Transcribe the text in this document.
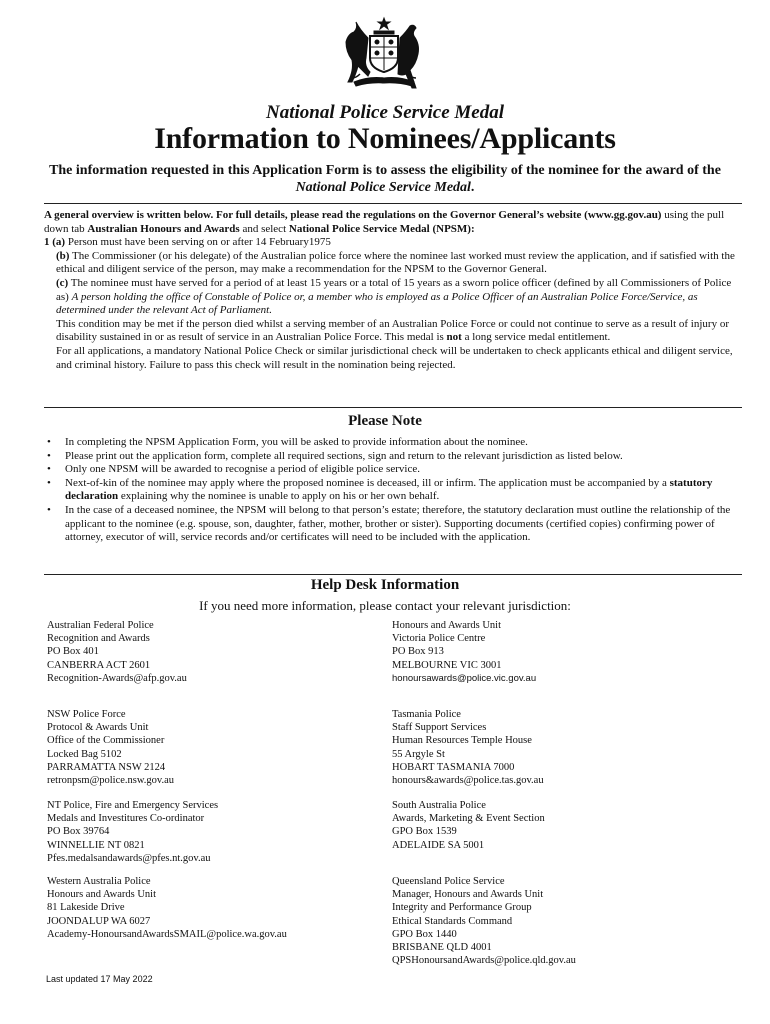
National Police Service Medal
Information to Nominees/Applicants
The information requested in this Application Form is to assess the eligibility of the nominee for the award of the National Police Service Medal.

A general overview is written below. For full details, please read the regulations on the Governor General’s website (www.gg.gov.au) using the pull down tab Australian Honours and Awards and select National Police Service Medal (NPSM):

1 (a) Person must have been serving on or after 14 February1975

(b) The Commissioner (or his delegate) of the Australian police force where the nominee last worked must review the application, and if satisfied with the ethical and diligent service of the person, may make a recommendation for the NPSM to the Governor General.

(c) The nominee must have served for a period of at least 15 years or a total of 15 years as a sworn police officer (defined by all Commissioners of Police as) A person holding the office of Constable of Police or, a member who is employed as a Police Officer of an Australian Police Force/Service, as determined under the relevant Act of Parliament.

This condition may be met if the person died whilst a serving member of an Australian Police Force or could not continue to serve as a result of injury or disability sustained in or as result of service in an Australian Police Force. This medal is not a long service medal entitlement.

For all applications, a mandatory National Police Check or similar jurisdictional check will be undertaken to check applicants ethical and diligent service, and criminal history. Failure to pass this check will result in the nomination being rejected.

Please Note
• In completing the NPSM Application Form, you will be asked to provide information about the nominee.
• Please print out the application form, complete all required sections, sign and return to the relevant jurisdiction as listed below.
• Only one NPSM will be awarded to recognise a period of eligible police service.
• Next-of-kin of the nominee may apply where the proposed nominee is deceased, ill or infirm. The application must be accompanied by a statutory declaration explaining why the nominee is unable to apply on his or her own behalf.
• In the case of a deceased nominee, the NPSM will belong to that person’s estate; therefore, the statutory declaration must outline the relationship of the applicant to the nominee (e.g. spouse, son, daughter, father, mother, brother or sister). Supporting documents (certified copies) confirming power of attorney, executor of will, service records and/or certificates will need to be included with the application.
Help Desk Information
If you need more information, please contact your relevant jurisdiction:
Australian Federal Police
Recognition and Awards
PO Box 401
CANBERRA ACT 2601
Recognition-Awards@afp.gov.au
Honours and Awards Unit
Victoria Police Centre
PO Box 913
MELBOURNE VIC 3001
honoursawards@police.vic.gov.au
NSW Police Force
Protocol & Awards Unit
Office of the Commissioner
Locked Bag 5102
PARRAMATTA NSW 2124
retronpsm@police.nsw.gov.au
Tasmania Police
Staff Support Services
Human Resources Temple House
55 Argyle St
HOBART TASMANIA 7000
honours&awards@police.tas.gov.au
NT Police, Fire and Emergency Services
Medals and Investitures Co-ordinator
PO Box 39764
WINNELLIE NT 0821
Pfes.medalsandawards@pfes.nt.gov.au
South Australia Police
Awards, Marketing & Event Section
GPO Box 1539
ADELAIDE SA 5001
Western Australia Police
Honours and Awards Unit
81 Lakeside Drive
JOONDALUP WA 6027
Academy-HonoursandAwardsSMAIL@police.wa.gov.au
Queensland Police Service
Manager, Honours and Awards Unit
Integrity and Performance Group
Ethical Standards Command
GPO Box 1440
BRISBANE QLD 4001
QPSHonoursandAwards@police.qld.gov.au
Last updated 17 May 2022
